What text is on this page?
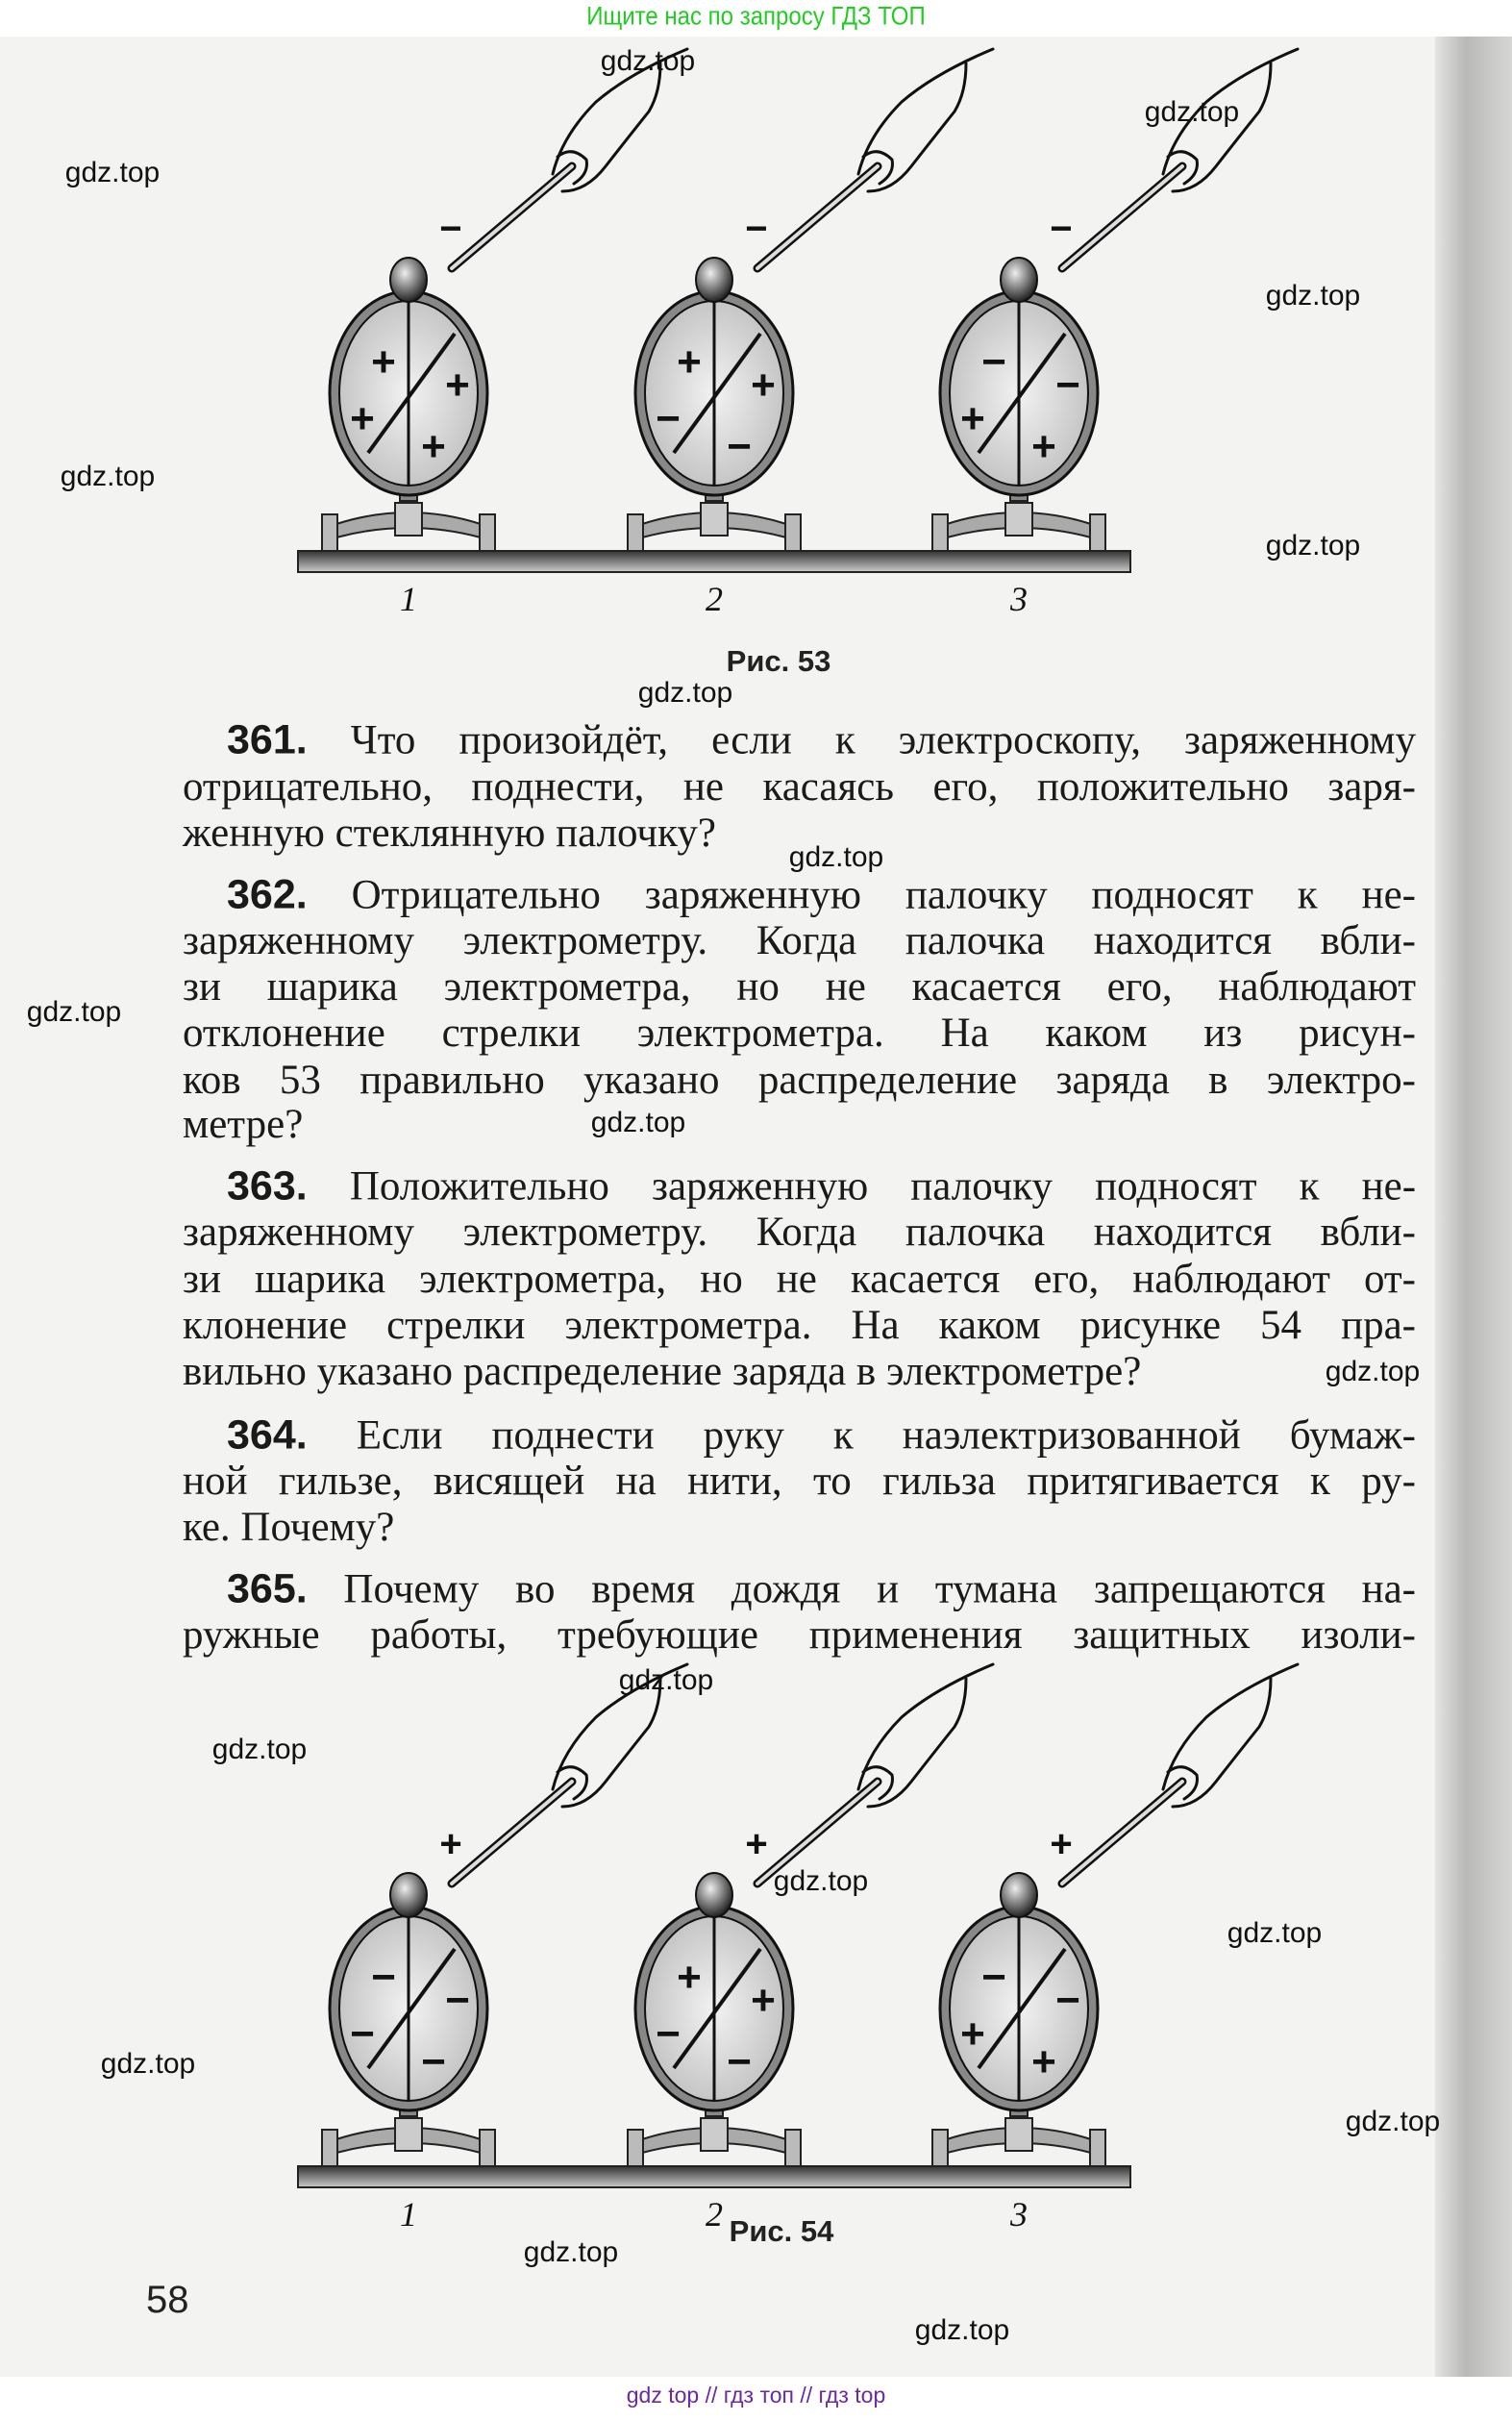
Ищите нас по запросу ГДЗ ТОП
+ +
+
+
−
1
+ +
−
−
−
2
− −
+
+
−
3
− −
−
−
+
1
+ +
−
−
+
2
− −
+
+
+
3
Рис. 53
Рис. 54
361. Что произойдёт, если к электроскопу, заряженному
отрицательно, поднести, не касаясь его, положительно заря-
женную стеклянную палочку?
362. Отрицательно заряженную палочку подносят к не-
заряженному электрометру. Когда палочка находится вбли-
зи шарика электрометра, но не касается его, наблюдают
отклонение стрелки электрометра. На каком из рисун-
ков 53 правильно указано распределение заряда в электро-
метре?
363. Положительно заряженную палочку подносят к не-
заряженному электрометру. Когда палочка находится вбли-
зи шарика электрометра, но не касается его, наблюдают от-
клонение стрелки электрометра. На каком рисунке 54 пра-
вильно указано распределение заряда в электрометре?
364. Если поднести руку к наэлектризованной бумаж-
ной гильзе, висящей на нити, то гильза притягивается к ру-
ке. Почему?
365. Почему во время дождя и тумана запрещаются на-
ружные работы, требующие применения защитных изоли-
58
gdz top // гдз топ // гдз top
gdz.top
gdz.top
gdz.top
gdz.top
gdz.top
gdz.top
gdz.top
gdz.top
gdz.top
gdz.top
gdz.top
gdz.top
gdz.top
gdz.top
gdz.top
gdz.top
gdz.top
gdz.top
gdz.top
